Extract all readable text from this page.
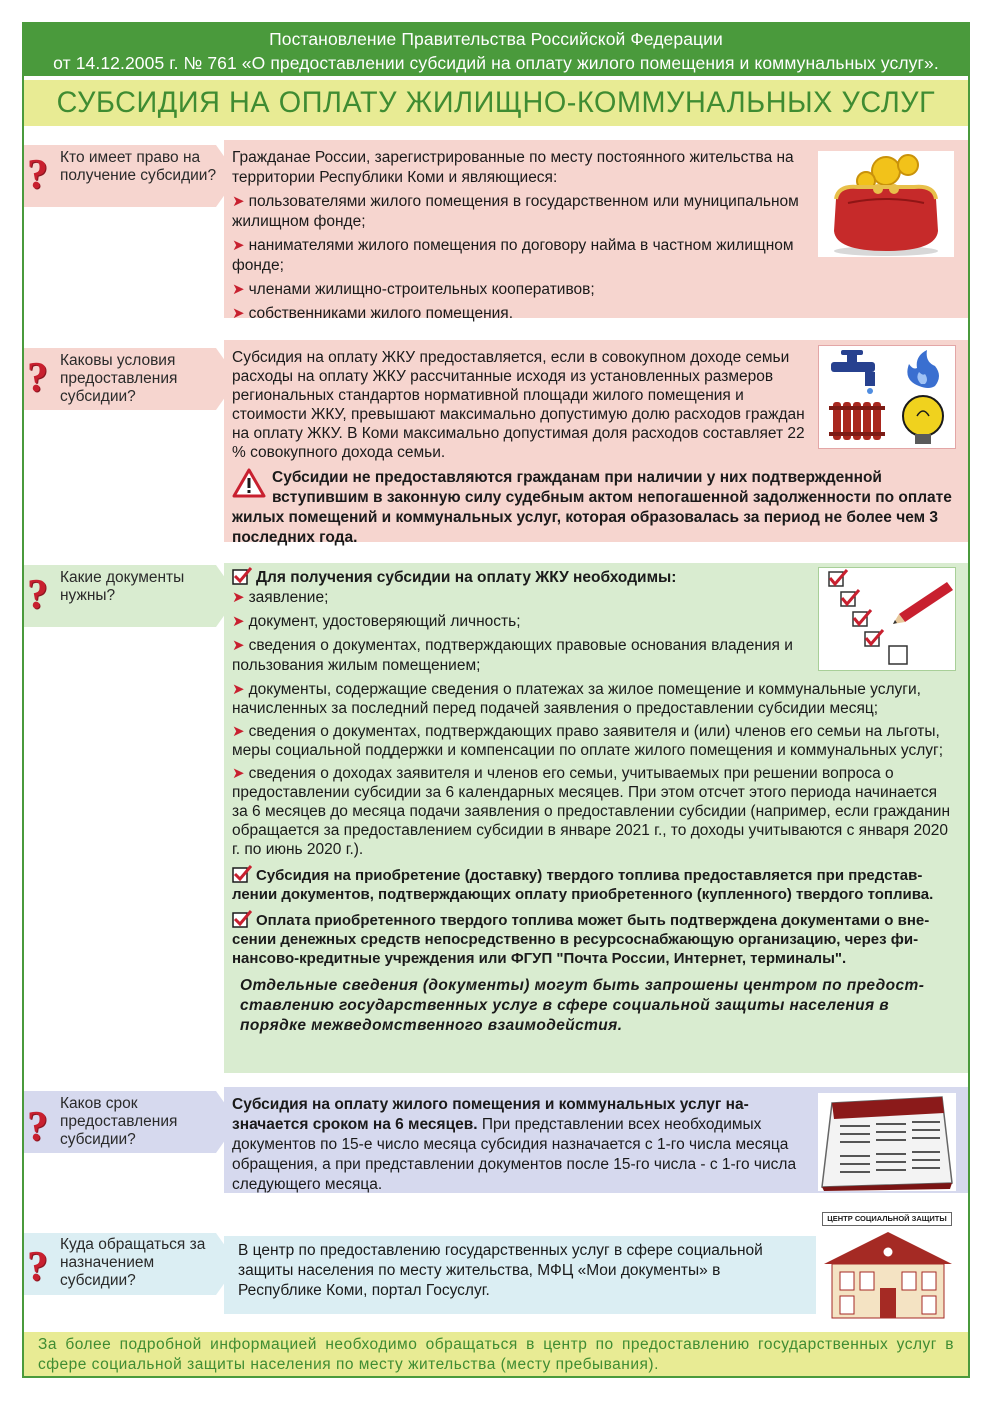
Постановление Правительства Российской Федерации
от 14.12.2005 г. № 761 «О предоставлении субсидий на оплату жилого помещения и коммунальных услуг».
СУБСИДИЯ НА ОПЛАТУ ЖИЛИЩНО-КОММУНАЛЬНЫХ УСЛУГ
? Кто имеет право на получение субсидии?

Гражданае России, зарегистрированные по месту постоянного жительства на территории Республики Коми и являющиеся:

➤ пользователями жилого помещения в государственном или муниципальном жилищном фонде;
➤ нанимателями жилого помещения по договору найма в частном жилищном фонде;
➤ членами жилищно-строительных кооперативов;
➤ собственниками жилого помещения.
? Каковы условия предоставления субсидии?

Субсидия на оплату ЖКУ предоставляется, если в совокупном доходе семьи расходы на оплату ЖКУ рассчитанные исходя из установленных размеров региональных стандартов нормативной площади жилого помещения и стоимости ЖКУ, превышают максимально допустимую долю расходов граждан на оплату ЖКУ. В Коми максимально допустимая доля расходов составляет 22 % совокупного дохода семьи.

Субсидии не предоставляются гражданам при наличии у них подтвержденной вступившим в законную силу судебным актом непогашенной задолженности по оплате жилых помещений и коммунальных услуг, которая образовалась за период не более чем 3 последних года.
? Какие документы нужны?
Для получения субсидии на оплату ЖКУ необходимы:
➤ заявление;
➤ документ, удостоверяющий личность;
➤ сведения о документах, подтверждающих правовые основания владения и пользования жилым помещением;
➤ документы, содержащие сведения о платежах за жилое помещение и коммунальные услуги, начисленных за последний перед подачей заявления о предоставлении субсидии месяц;
➤ сведения о документах, подтверждающих право заявителя и (или) членов его семьи на льготы, меры социальной поддержки и компенсации по оплате жилого помещения и коммунальных услуг;
➤ сведения о доходах заявителя и членов его семьи, учитываемых при решении вопроса о предоставлении субсидии за 6 календарных месяцев. При этом отсчет этого периода начинается за 6 месяцев до месяца подачи заявления о предоставлении субсидии (например, если гражданин обращается за предоставлением субсидии в январе 2021 г., то доходы учитываются с января 2020 г. по июнь 2020 г.).
Субсидия на приобретение (доставку) твердого топлива предоставляется при представлении документов, подтверждающих оплату приобретенного (купленного) твердого топлива.
Оплата приобретенного твердого топлива может быть подтверждена документами о внесении денежных средств непосредственно в ресурсоснабжающую организацию, через финансово-кредитные учреждения или ФГУП "Почта России, Интернет, терминалы".
Отдельные сведения (документы) могут быть запрошены центром по предостставлению государственных услуг в сфере социальной защиты населения в порядке межведомственного взаимодейстия.
?
Каков срок предоставления субсидии?

Субсидия на оплату жилого помещения и коммунальных услуг назначается сроком на 6 месяцев. При представлении всех необходимых документов по 15-е число месяца субсидия назначается с 1-го числа месяца обращения, а при представлении документов после 15-го числа - с 1-го числа следующего месяца.

? Куда обращаться за назначением субсидии?

В центр по предоставлению государственных услуг в сфере социальной защиты населения по месту жительства, МФЦ «Мои документы» в Республике Коми, портал Госуслуг.

ЦЕНТР СОЦИАЛЬНОЙ ЗАЩИТЫ
За более подробной информацией необходимо обращаться в центр по предоставлению государственных услуг в сфере социальной защиты населения по месту жительства (месту пребывания).
